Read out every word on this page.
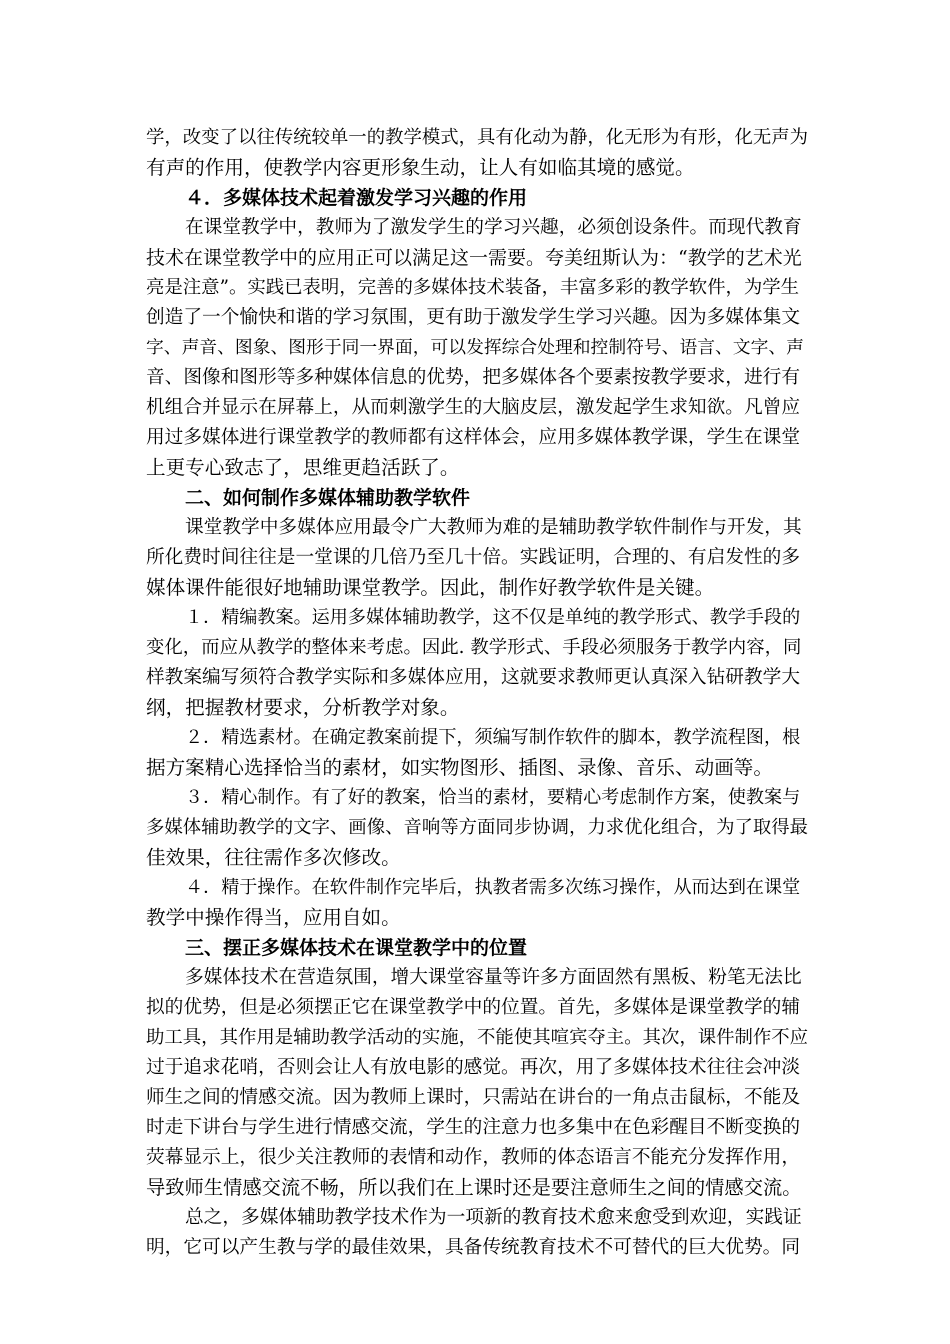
学，改变了以往传统较单一的教学模式，具有化动为静，化无形为有形，化无声为
有声的作用，使教学内容更形象生动，让人有如临其境的感觉。
４．多媒体技术起着激发学习兴趣的作用
在课堂教学中，教师为了激发学生的学习兴趣，必须创设条件。而现代教育
技术在课堂教学中的应用正可以满足这一需要。夸美纽斯认为：“教学的艺术光
亮是注意”。实践已表明，完善的多媒体技术装备，丰富多彩的教学软件，为学生
创造了一个愉快和谐的学习氛围，更有助于激发学生学习兴趣。因为多媒体集文
字、声音、图象、图形于同一界面，可以发挥综合处理和控制符号、语言、文字、声
音、图像和图形等多种媒体信息的优势，把多媒体各个要素按教学要求，进行有
机组合并显示在屏幕上，从而刺激学生的大脑皮层，激发起学生求知欲。凡曾应
用过多媒体进行课堂教学的教师都有这样体会，应用多媒体教学课，学生在课堂
上更专心致志了，思维更趋活跃了。
二、如何制作多媒体辅助教学软件
课堂教学中多媒体应用最令广大教师为难的是辅助教学软件制作与开发，其
所化费时间往往是一堂课的几倍乃至几十倍。实践证明，合理的、有启发性的多
媒体课件能很好地辅助课堂教学。因此，制作好教学软件是关键。
１．精编教案。运用多媒体辅助教学，这不仅是单纯的教学形式、教学手段的
变化，而应从教学的整体来考虑。因此. 教学形式、手段必须服务于教学内容，同
样教案编写须符合教学实际和多媒体应用，这就要求教师更认真深入钻研教学大
纲，把握教材要求，分析教学对象。
２．精选素材。在确定教案前提下，须编写制作软件的脚本，教学流程图，根
据方案精心选择恰当的素材，如实物图形、插图、录像、音乐、动画等。
３．精心制作。有了好的教案，恰当的素材，要精心考虑制作方案，使教案与
多媒体辅助教学的文字、画像、音响等方面同步协调，力求优化组合，为了取得最
佳效果，往往需作多次修改。
４．精于操作。在软件制作完毕后，执教者需多次练习操作，从而达到在课堂
教学中操作得当，应用自如。
三、摆正多媒体技术在课堂教学中的位置
多媒体技术在营造氛围，增大课堂容量等许多方面固然有黑板、粉笔无法比
拟的优势，但是必须摆正它在课堂教学中的位置。首先，多媒体是课堂教学的辅
助工具，其作用是辅助教学活动的实施，不能使其喧宾夺主。其次，课件制作不应
过于追求花哨，否则会让人有放电影的感觉。再次，用了多媒体技术往往会冲淡
师生之间的情感交流。因为教师上课时，只需站在讲台的一角点击鼠标，不能及
时走下讲台与学生进行情感交流，学生的注意力也多集中在色彩醒目不断变换的
荧幕显示上，很少关注教师的表情和动作，教师的体态语言不能充分发挥作用，
导致师生情感交流不畅，所以我们在上课时还是要注意师生之间的情感交流。
总之，多媒体辅助教学技术作为一项新的教育技术愈来愈受到欢迎，实践证
明，它可以产生教与学的最佳效果，具备传统教育技术不可替代的巨大优势。同
